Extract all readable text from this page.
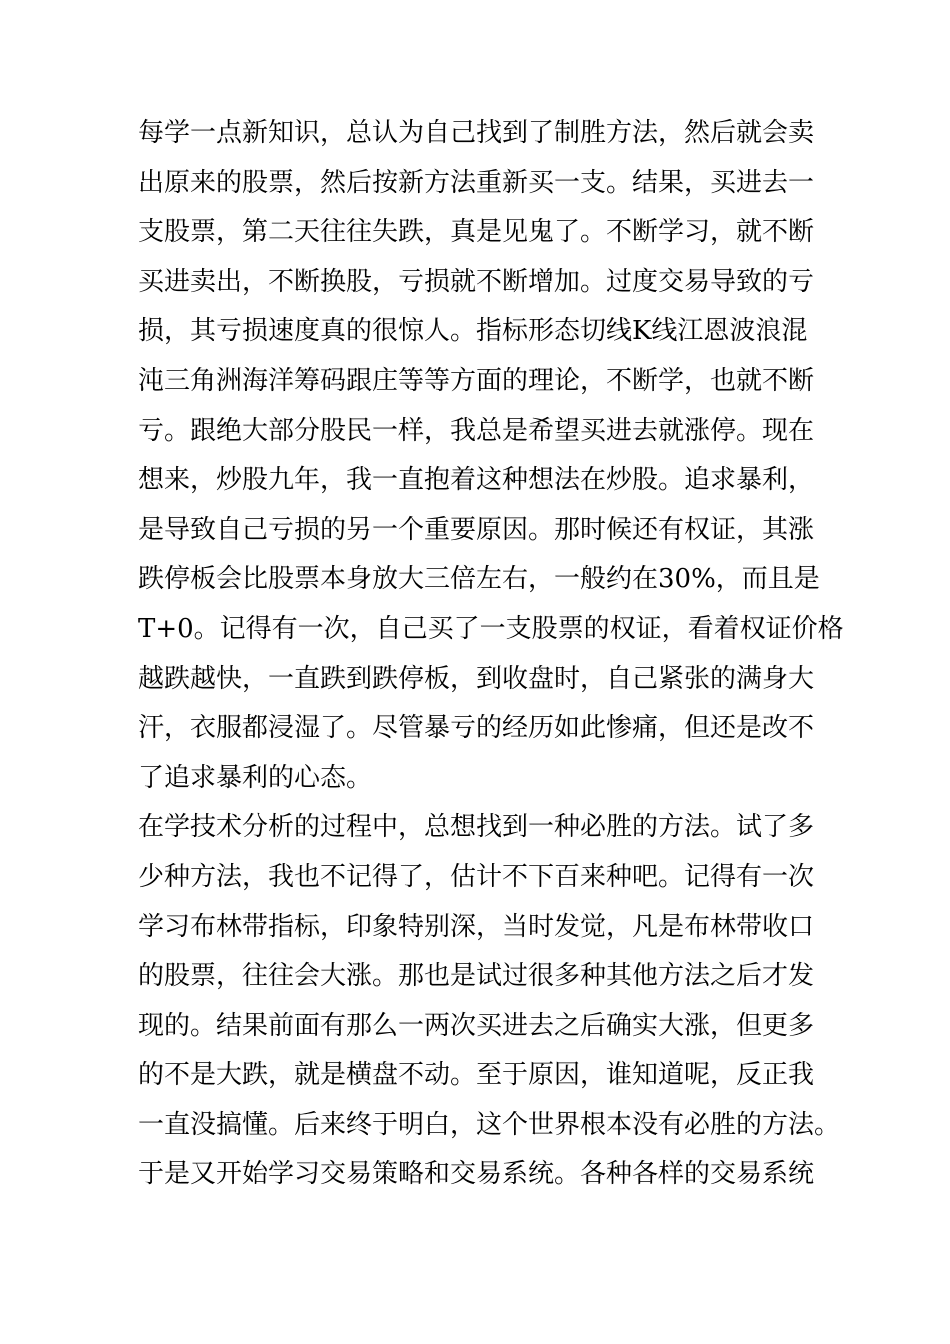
每学一点新知识，总认为自己找到了制胜方法，然后就会卖
出原来的股票，然后按新方法重新买一支。结果，买进去一
支股票，第二天往往失跌，真是见鬼了。不断学习，就不断
买进卖出，不断换股，亏损就不断增加。过度交易导致的亏
损，其亏损速度真的很惊人。指标形态切线K线江恩波浪混
沌三角洲海洋筹码跟庄等等方面的理论，不断学，也就不断
亏。跟绝大部分股民一样，我总是希望买进去就涨停。现在
想来，炒股九年，我一直抱着这种想法在炒股。追求暴利，
是导致自己亏损的另一个重要原因。那时候还有权证，其涨
跌停板会比股票本身放大三倍左右，一般约在30%，而且是
T+0。记得有一次，自己买了一支股票的权证，看着权证价格
越跌越快，一直跌到跌停板，到收盘时，自己紧张的满身大
汗，衣服都浸湿了。尽管暴亏的经历如此惨痛，但还是改不
了追求暴利的心态。
在学技术分析的过程中，总想找到一种必胜的方法。试了多
少种方法，我也不记得了，估计不下百来种吧。记得有一次
学习布林带指标，印象特别深，当时发觉，凡是布林带收口
的股票，往往会大涨。那也是试过很多种其他方法之后才发
现的。结果前面有那么一两次买进去之后确实大涨，但更多
的不是大跌，就是横盘不动。至于原因，谁知道呢，反正我
一直没搞懂。后来终于明白，这个世界根本没有必胜的方法。
于是又开始学习交易策略和交易系统。各种各样的交易系统
